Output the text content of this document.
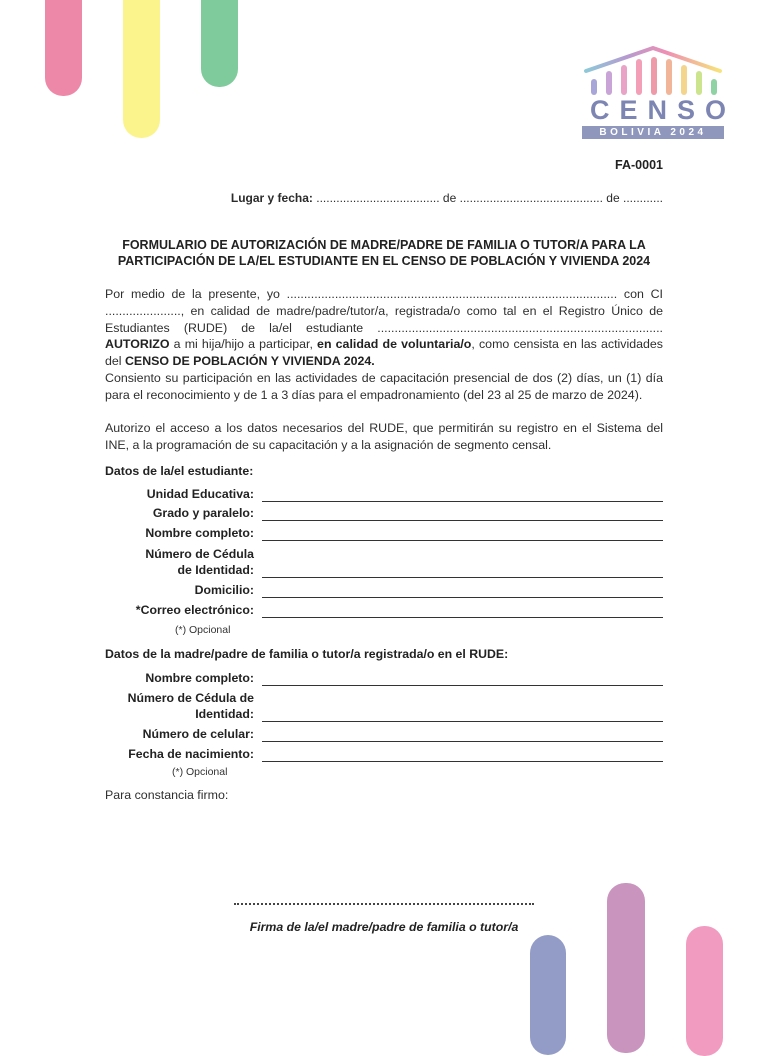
CENSO
BOLIVIA 2024
FA-0001
Lugar y fecha: ..................................... de ........................................... de ............
FORMULARIO DE AUTORIZACIÓN DE MADRE/PADRE DE FAMILIA O TUTOR/A PARA LA PARTICIPACIÓN DE LA/EL ESTUDIANTE EN EL CENSO DE POBLACIÓN Y VIVIENDA 2024
Por medio de la presente, yo ................................................................................................ con CI ......................, en calidad de madre/padre/tutor/a, registrada/o como tal en el Registro Único de Estudiantes (RUDE) de la/el estudiante ................................................................................... AUTORIZO a mi hija/hijo a participar, en calidad de voluntaria/o, como censista en las actividades del CENSO DE POBLACIÓN Y VIVIENDA 2024.
Consiento su participación en las actividades de capacitación presencial de dos (2) días, un (1) día para el reconocimiento y de 1 a 3 días para el empadronamiento (del 23 al 25 de marzo de 2024).
Autorizo el acceso a los datos necesarios del RUDE, que permitirán su registro en el Sistema del INE, a la programación de su capacitación y a la asignación de segmento censal.
Datos de la/el estudiante:
Unidad Educativa:
Grado y paralelo:
Nombre completo:
Número de Cédula de Identidad:
Domicilio:
*Correo electrónico:
(*) Opcional
Datos de la madre/padre de familia o tutor/a registrada/o en el RUDE:
Nombre completo:
Número de Cédula de Identidad:
Número de celular:
Fecha de nacimiento:
(*) Opcional
Para constancia firmo:
Firma de la/el madre/padre de familia o tutor/a
